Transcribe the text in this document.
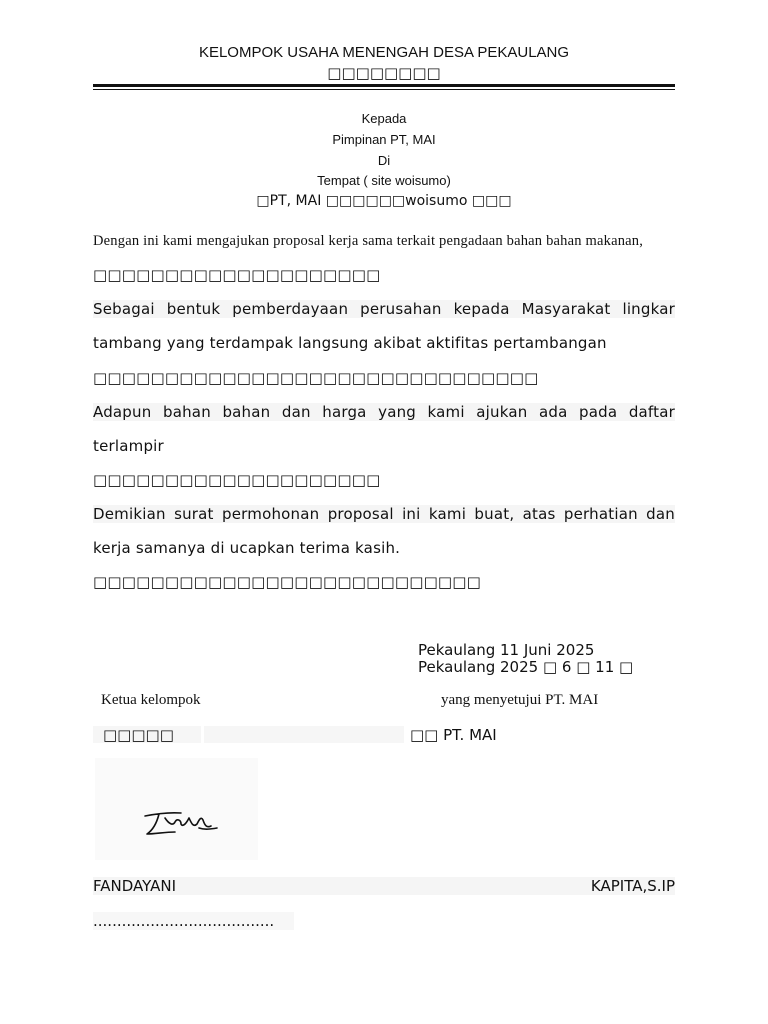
KELOMPOK USAHA MENENGAH DESA PEKAULANG
□□□□□□□□
Kepada
Pimpinan PT, MAI
Di
Tempat ( site woisumo)
□PT, MAI □□□□□□woisumo □□□
Dengan ini kami mengajukan proposal kerja sama terkait pengadaan bahan bahan makanan,
□□□□□□□□□□□□□□□□□□□□
Sebagai bentuk pemberdayaan perusahan kepada Masyarakat lingkar
tambang yang terdampak langsung akibat aktifitas pertambangan
□□□□□□□□□□□□□□□□□□□□□□□□□□□□□□□
Adapun bahan bahan dan harga yang kami ajukan ada pada daftar
terlampir
□□□□□□□□□□□□□□□□□□□□
Demikian surat permohonan proposal ini kami buat, atas perhatian dan
kerja samanya di ucapkan terima kasih.
□□□□□□□□□□□□□□□□□□□□□□□□□□□
Pekaulang 11 Juni 2025
Pekaulang 2025 □ 6 □ 11 □
Ketua kelompok	yang menyetujui PT. MAI
□□□□□	□□ PT. MAI
FANDAYANI	KAPITA,S.IP
......................................
